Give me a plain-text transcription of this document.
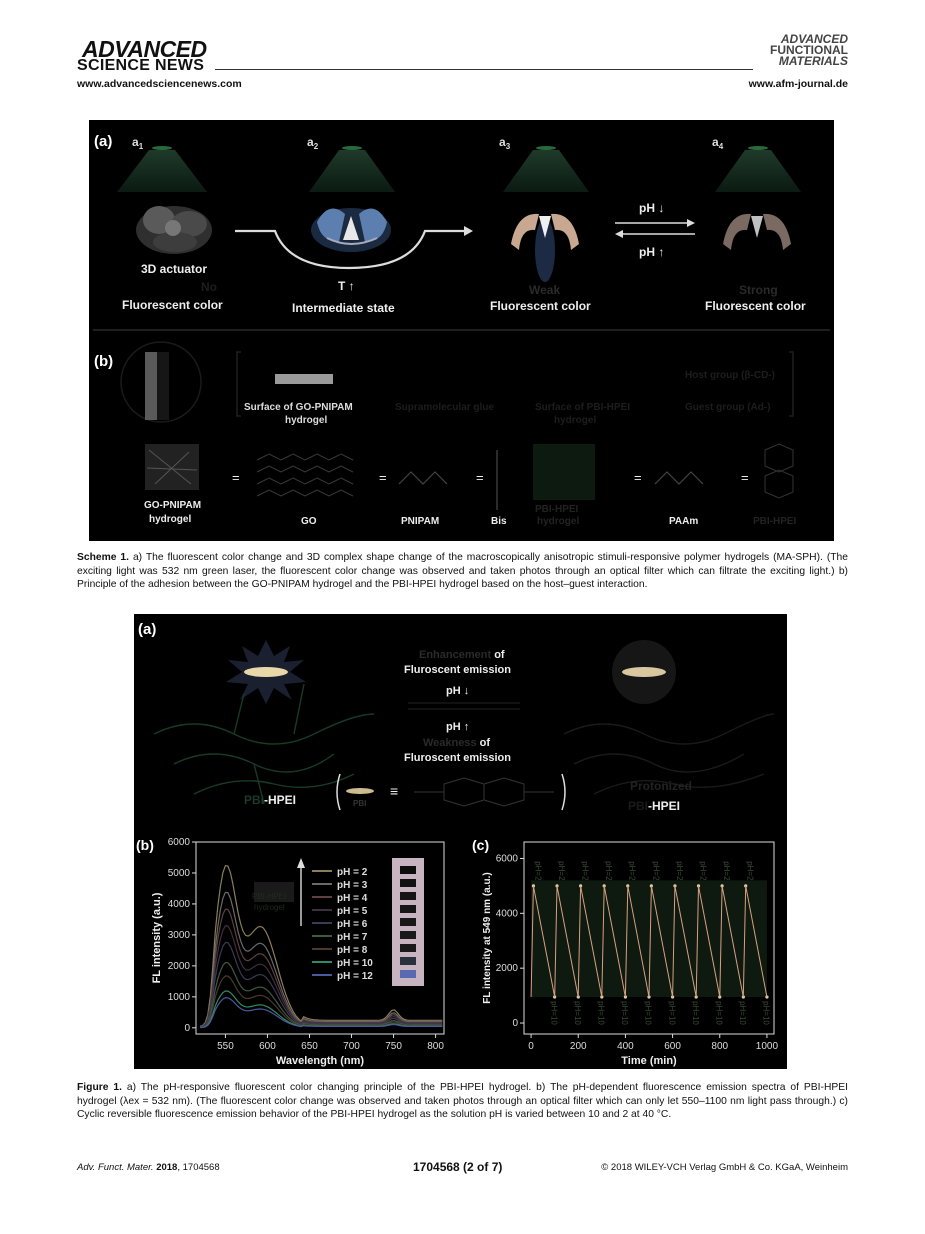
ADVANCED
SCIENCE NEWS
www.advancedsciencenews.com
ADVANCED
FUNCTIONAL
MATERIALS
www.afm-journal.de
(a) $a_1$
3D actuator
No
Fluorescent color
$a_2$
T ↑
Intermediate state
$a_3$
Weak
Fluorescent color
pH ↓
pH ↑
$a_4$
Strong
Fluorescent color
(b)
Surface of GO-PNIPAM
hydrogel
Supramolecular glue	Surface of PBI-HPEI
hydrogel
Host group (β-CD-)
Guest group (Ad-)
GO-PNIPAM
hydrogel
=
GO
=
PNIPAM
=
Bis
PBI-HPEI
hydrogel
=
PAAm
=
PBI-HPEI
Scheme 1. a) The fluorescent color change and 3D complex shape change of the macroscopically anisotropic stimuli-responsive polymer hydrogels (MA-SPH). (The exciting light was 532 nm green laser, the fluorescent color change was observed and taken photos through an optical filter which can filtrate the exciting light.) b) Principle of the adhesion between the GO-PNIPAM hydrogel and the PBI-HPEI hydrogel based on the host–guest interaction.
(a)
Enhancement of
Fluroscent emission
pH ↓
pH ↑
Weakness of
Fluroscent emission
PBI-HPEI	PBI
≡	Protonized
PBI-HPEI
(b)
550	600	650	700	750	800
0
1000
2000
3000
4000
5000
6000
Wavelength (nm)
FL intensity (a.u.)
pH = 2
pH = 3
pH = 4
pH = 5
pH = 6
pH = 7
pH = 8
pH = 10
pH = 12
PBI-HPEI
hydrogel
(c)
0	200	400	600	800	1000
0
2000
4000
6000
Time (min)
FL intensity at 549 nm (a.u.)
pH=2
pH=10
pH=2
pH=10
pH=2
pH=10
pH=2
pH=10
pH=2
pH=10
pH=2
pH=10
pH=2
pH=10
pH=2
pH=10
pH=2
pH=10
pH=2
pH=10
Figure 1. a) The pH-responsive fluorescent color changing principle of the PBI-HPEI hydrogel. b) The pH-dependent fluorescence emission spectra of PBI-HPEI hydrogel (λex = 532 nm). (The fluorescent color change was observed and taken photos through an optical filter which can only let 550–1100 nm light pass through.) c) Cyclic reversible fluorescence emission behavior of the PBI-HPEI hydrogel as the solution pH is varied between 10 and 2 at 40 °C.
Adv. Funct. Mater. 2018, 1704568	1704568 (2 of 7)	© 2018 WILEY-VCH Verlag GmbH & Co. KGaA, Weinheim
